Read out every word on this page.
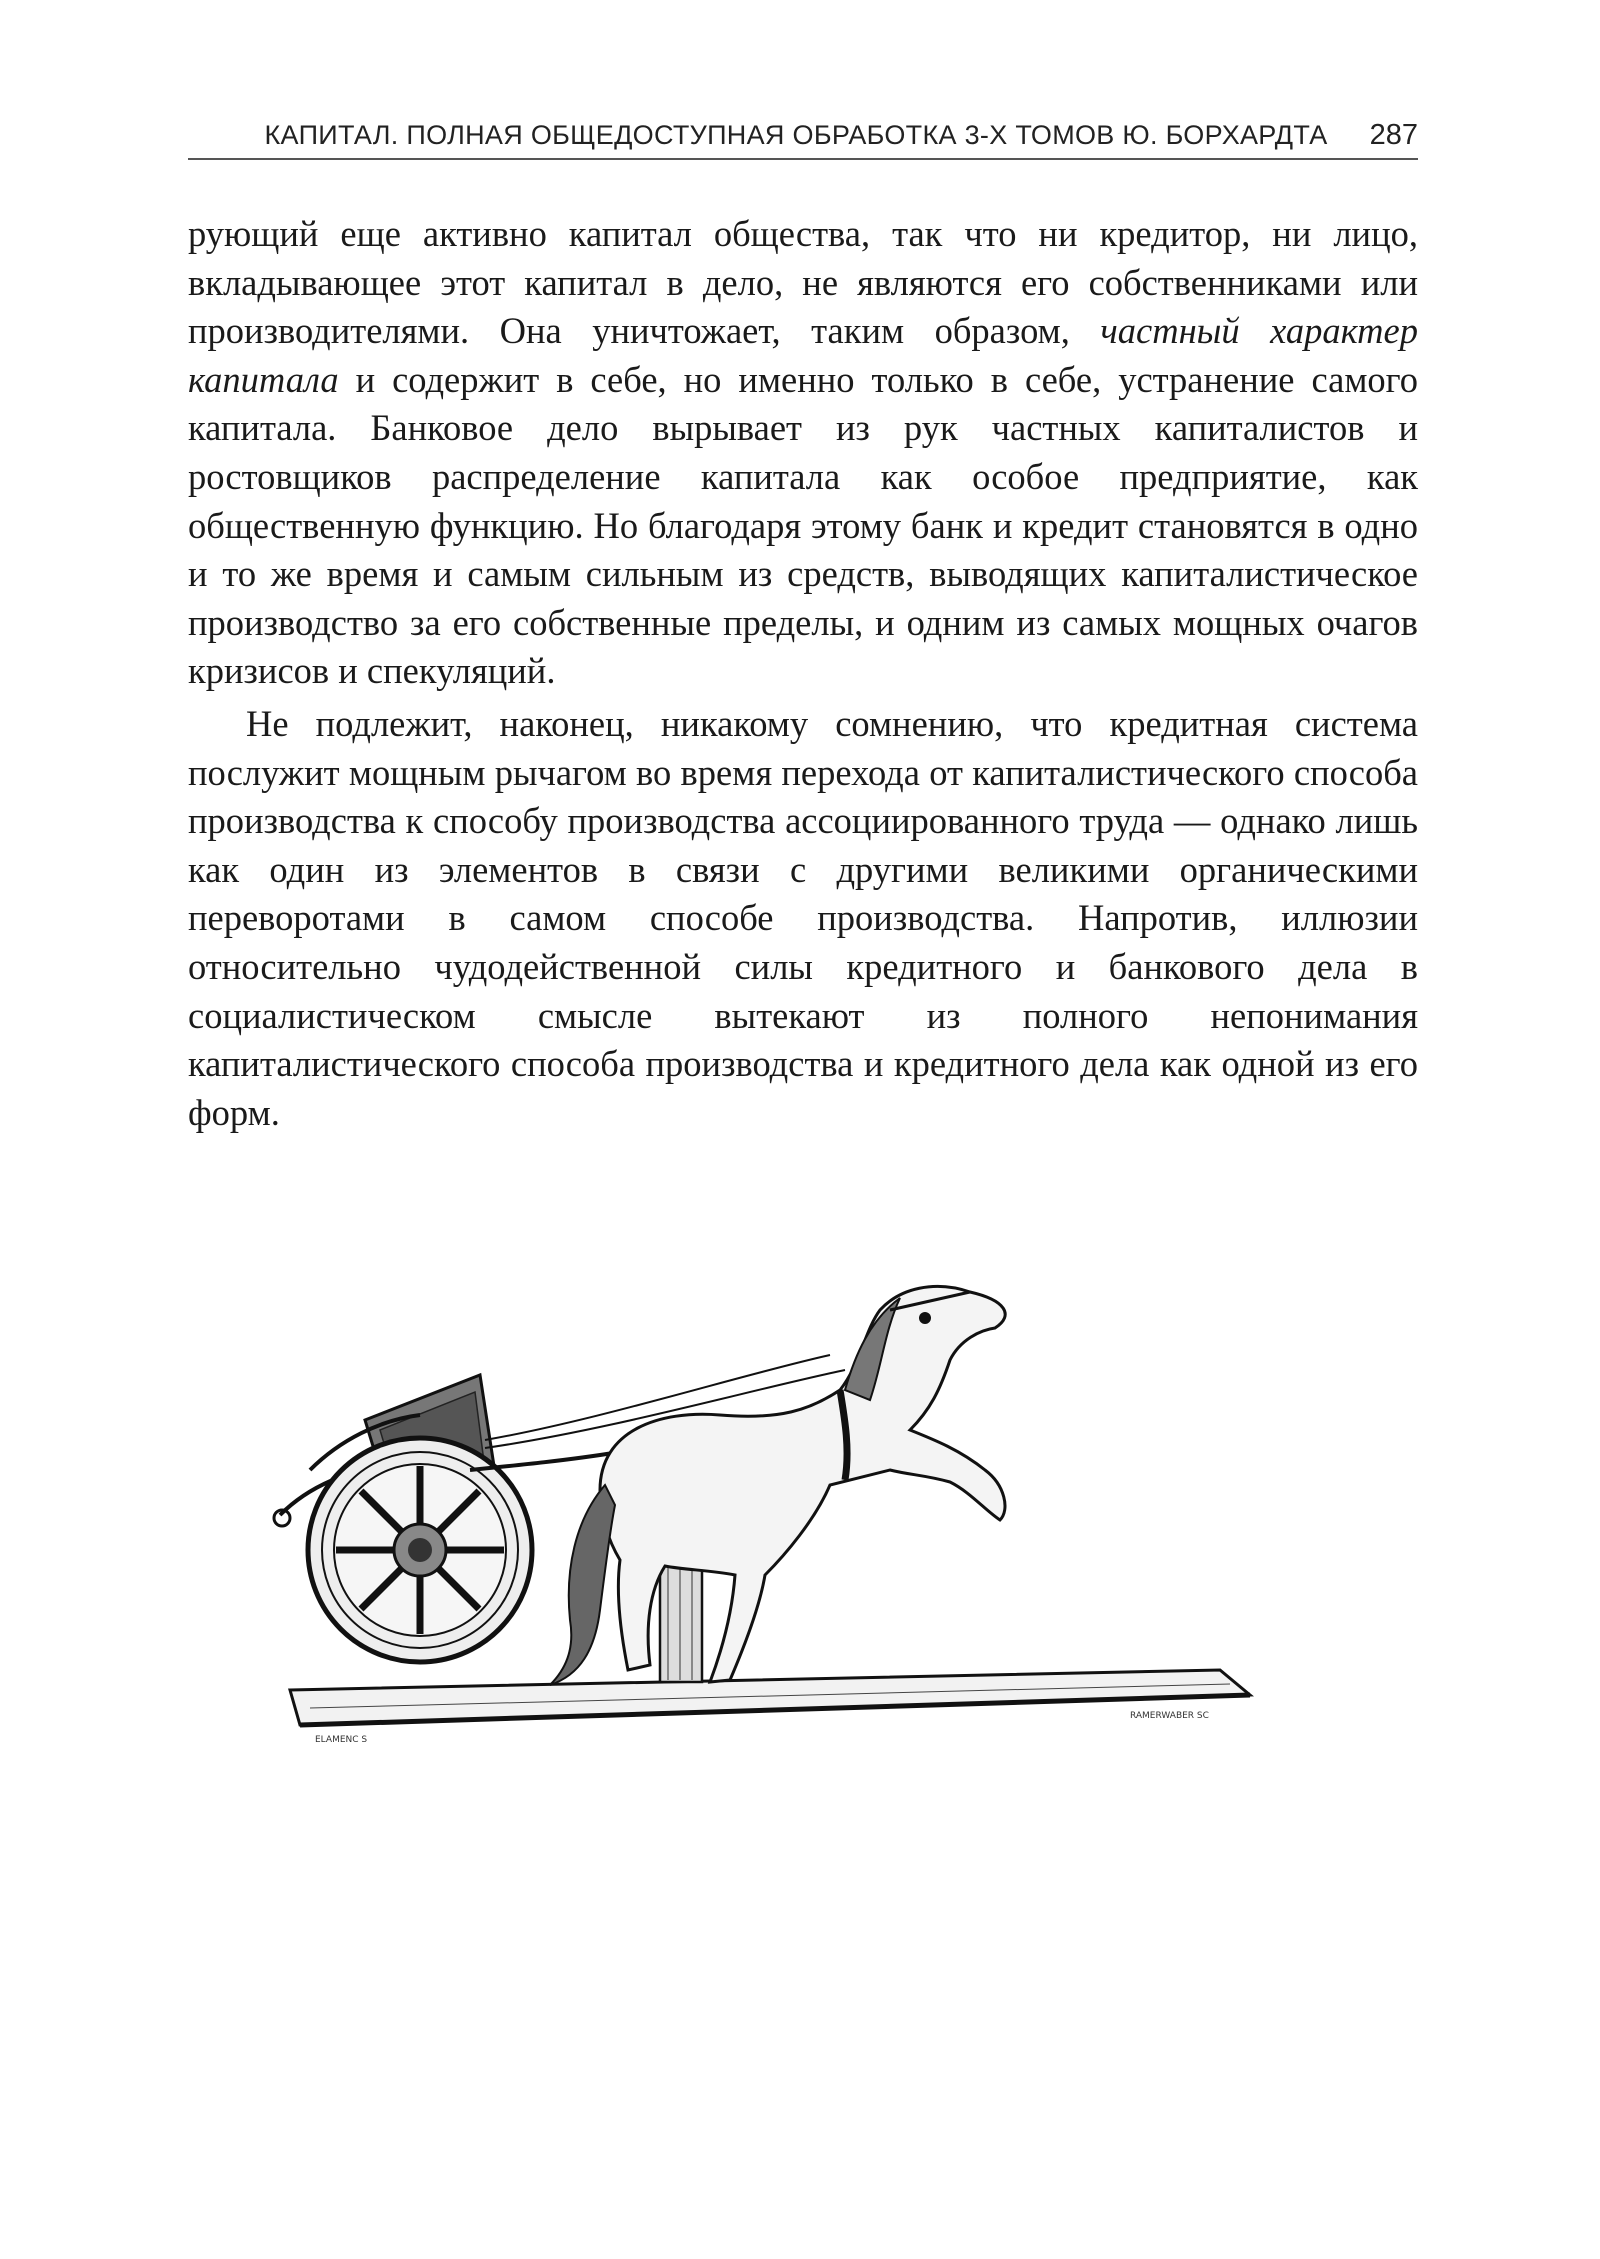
КАПИТАЛ. ПОЛНАЯ ОБЩЕДОСТУПНАЯ ОБРАБОТКА 3-Х ТОМОВ Ю. БОРХАРДТА 287

рующий еще активно капитал общества, так что ни кредитор, ни лицо, вкладывающее этот капитал в дело, не являются его собственниками или производителями. Она уничтожает, таким образом, частный характер капитала и содержит в себе, но именно только в себе, устранение самого капитала. Банковое дело вырывает из рук частных капиталистов и ростовщиков распределение капитала как особое предприятие, как общественную функцию. Но благодаря этому банк и кредит становятся в одно и то же время и самым сильным из средств, выводящих капиталистическое производство за его собственные пределы, и одним из самых мощных очагов кризисов и спекуляций.

Не подлежит, наконец, никакому сомнению, что кредитная система послужит мощным рычагом во время перехода от капиталистического способа производства к способу производства ассоциированного труда — однако лишь как один из элементов в связи с другими великими органическими переворотами в самом способе производства. Напротив, иллюзии относительно чудодейственной силы кредитного и банкового дела в социалистическом смысле вытекают из полного непонимания капиталистического способа производства и кредитного дела как одной из его форм.

ELAMENC S
RAMERWABER SC
